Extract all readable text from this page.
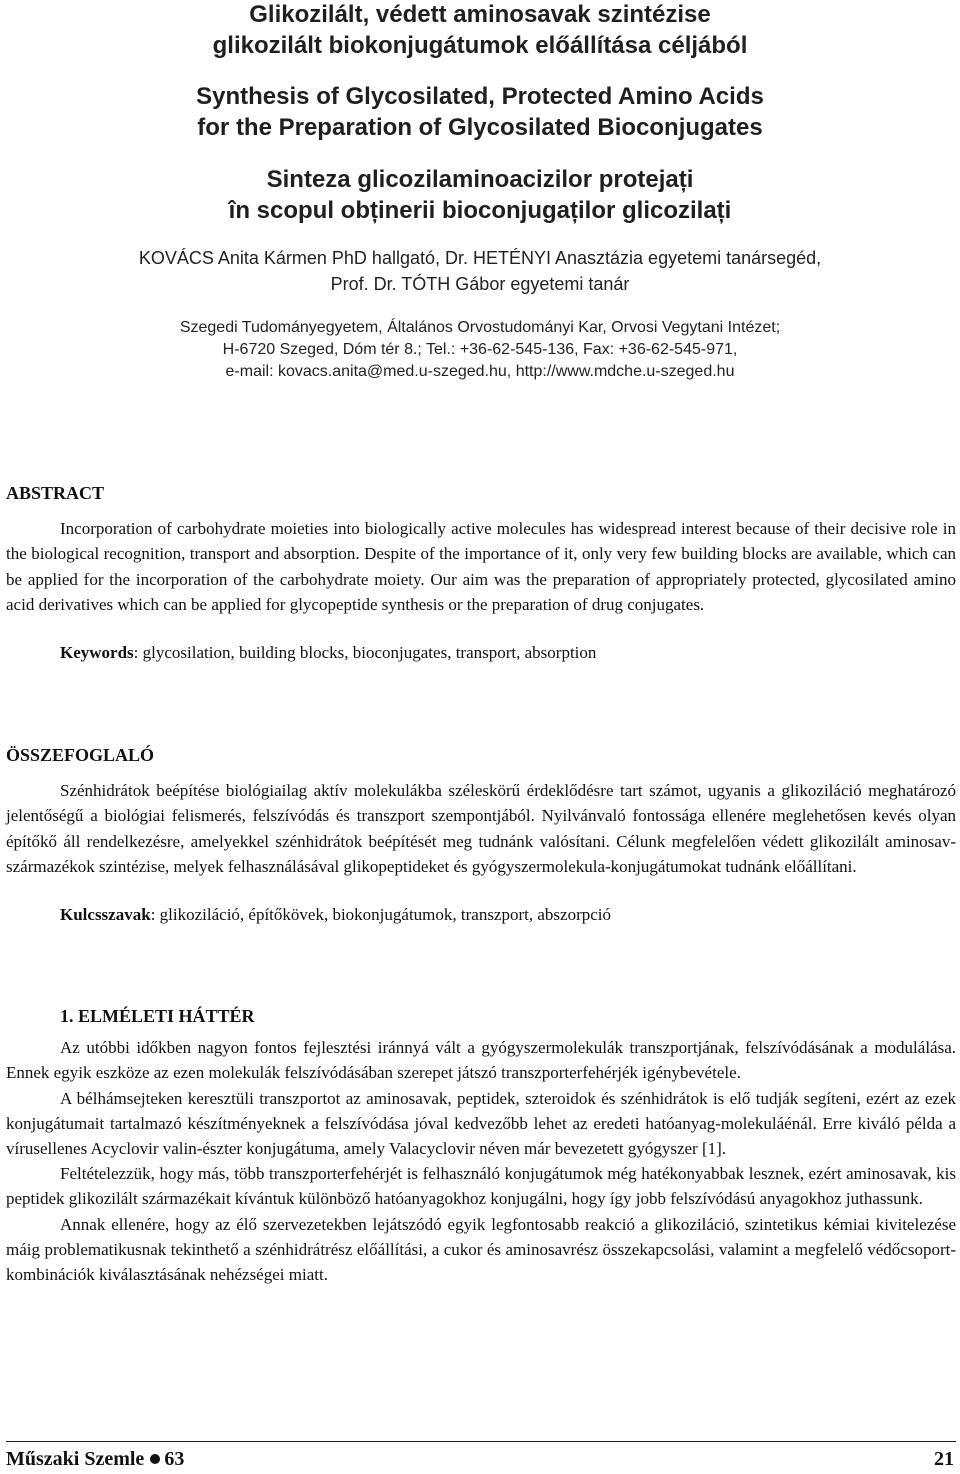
Glikozilált, védett aminosavak szintézise
glikozilált biokonjugátumok előállítása céljából
Synthesis of Glycosilated, Protected Amino Acids
for the Preparation of Glycosilated Bioconjugates
Sinteza glicozilaminoacizilor protejați
în scopul obținerii bioconjugaților glicozilați
KOVÁCS Anita Kármen PhD hallgató, Dr. HETÉNYI Anasztázia egyetemi tanársegéd,
Prof. Dr. TÓTH Gábor egyetemi tanár
Szegedi Tudományegyetem, Általános Orvostudományi Kar, Orvosi Vegytani Intézet;
H-6720 Szeged, Dóm tér 8.; Tel.: +36-62-545-136, Fax: +36-62-545-971,
e-mail: kovacs.anita@med.u-szeged.hu, http://www.mdche.u-szeged.hu
ABSTRACT

Incorporation of carbohydrate moieties into biologically active molecules has widespread interest because of their decisive role in the biological recognition, transport and absorption. Despite of the importance of it, only very few building blocks are available, which can be applied for the incorporation of the carbohydrate moiety. Our aim was the preparation of appropriately protected, glycosilated amino acid derivatives which can be applied for glycopeptide synthesis or the preparation of drug conjugates.

Keywords: glycosilation, building blocks, bioconjugates, transport, absorption

ÖSSZEFOGLALÓ

Szénhidrátok beépítése biológiailag aktív molekulákba széleskörű érdeklődésre tart számot, ugyanis a glikoziláció meghatározó jelentőségű a biológiai felismerés, felszívódás és transzport szempontjából. Nyilvánvaló fontossága ellenére meglehetősen kevés olyan építőkő áll rendelkezésre, amelyekkel szénhidrátok beépítését meg tudnánk valósítani. Célunk megfelelően védett glikozilált aminosav-származékok szintézise, melyek felhasználásával glikopeptideket és gyógyszermolekula-konjugátumokat tudnánk előállítani.

Kulcsszavak: glikoziláció, építőkövek, biokonjugátumok, transzport, abszorpció

1. ELMÉLETI HÁTTÉR

Az utóbbi időkben nagyon fontos fejlesztési iránnyá vált a gyógyszermolekulák transzportjának, felszívódásának a modulálása. Ennek egyik eszköze az ezen molekulák felszívódásában szerepet játszó transzporterfehérjék igénybevétele.

A bélhámsejteken keresztüli transzportot az aminosavak, peptidek, szteroidok és szénhidrátok is elő tudják segíteni, ezért az ezek konjugátumait tartalmazó készítményeknek a felszívódása jóval kedvezőbb lehet az eredeti hatóanyag-molekuláénál. Erre kiváló példa a vírusellenes Acyclovir valin-észter konjugátuma, amely Valacyclovir néven már bevezetett gyógyszer [1].

Feltételezzük, hogy más, több transzporterfehérjét is felhasználó konjugátumok még hatékonyabbak lesznek, ezért aminosavak, kis peptidek glikozilált származékait kívántuk különböző hatóanyagokhoz konjugálni, hogy így jobb felszívódású anyagokhoz juthassunk.

Annak ellenére, hogy az élő szervezetekben lejátszódó egyik legfontosabb reakció a glikoziláció, szintetikus kémiai kivitelezése máig problematikusnak tekinthető a szénhidrátrész előállítási, a cukor és aminosavrész összekapcsolási, valamint a megfelelő védőcsoport-kombinációk kiválasztásának nehézségei miatt.

Műszaki Szemle 63	21
